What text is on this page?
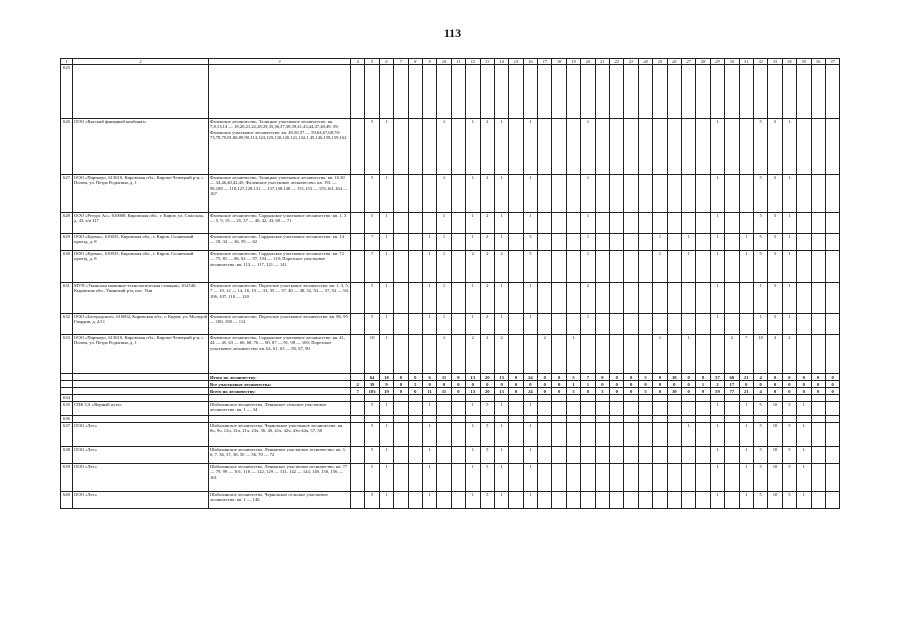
113
1	2	3	4	5	6	7	8	9	10	11	12	13	14	15	16	17	18	19	20	21	22	23	24	25	26	27	28	29	30	31	32	33	34	35	36	37
625																																				
626	ООО «Вятский фанерный комбинат»	Фаленское лесничество, Талицкое участковое лесничество: кв. 7,8,13,14 — 18,20,21,22,28,29,35,36,37,38,39,41,43,44,47,48,49, 59; Фаленское участковое лесничество: кв. 49,50,57 — 59,64,67,68,70- 73,78,79,81,86,89,90,114,124,129,130,140,141,142,1 45,146,158,159,162		5	1				1		1	2	1		1				1									1			5	5	1			
627	ООО «Партнер», 613010, Кировская обл., Кирово-Чепецкий р-н, с. Полом, ул. Петра Родыгина, д. 1	Фаленское лесничество, Талицкое участковое лесничество: кв. 16,30 — 34,46,40,42,45; Фаленское участковое лесничество: кв. 191 — 98,108 — 110,127,128,131 — 137,138,148 — 151,153 — 155,161,164 — 167		5	1				1		1	2	1		1				1									1			5	5	1			
628	ООО «Ресурс Ас», 610008, Кировская обл., г. Киров, ул. Спасская, д. 43, а/я 117	Фаленское лесничество, Сардыкское участковое лесничество: кв. 1, 3 — 5, 9, 19 — 25, 37 — 40, 42, 43, 69 — 71		5	1				1		1	2	1		1				1									1			5	5	1			
629	ООО «Кромо», 610035, Кировская обл., г. Киров, Солнечный проезд, д. 8	Фаленское лесничество, Сардыкское участковое лесничество: кв. 14 — 18, 32 — 36, 59 — 62		7	1			1	1		1	2	1		5				1					1		1		1		1	5	5	1			
630	ООО «Кромо», 610035, Кировская обл., г. Киров, Солнечный проезд, д. 8	Фаленское лесничество, Сардыкское участковое лесничество: кв. 72 — 75, 81 — 86, 92 — 97, 104 — 110; Порезское участковое лесничество: кв. 113 — 117, 121 — 141		7	1			1	1		2	2	2		5				1					1		1		1		1	5	5	1			
631	МУП «Унинская машинно-технологическая станция», 612540, Кировская обл., Унинский р-н, пос. Уни	Фаленское лесничество, Порезское участковое лесничество: кв. 1, 3, 5, 7 — 10, 12 — 14, 16, 19 — 33, 35 — 37, 40 — 48, 52, 54 — 57, 52 — 94, 106, 107, 118 — 120		5	1			1	1		1	2	1		1				2									1			1	5	1			
632	ООО «Богородское», 610002, Кировская обл., г. Киров, ул. Молодой Гвардии, д. 4/11	Фаленское лесничество, Порезское участковое лесничество: кв. 86, 95 — 100, 108 — 112		5	1			1	1		1	2	1		1				1									1			1	5	1			
633	ООО «Партнер», 613010, Кировская обл., Кирово-Чепецкий р-н, с. Полом, ул. Петра Родыгина, д. 1	Фаленское лесничество, Сардыкское участковое лесничество: кв. 41, 44 — 45, 63 — 66, 68, 76 — 80, 87 — 91, 98 — 100; Порезское участковое лесничество: кв. 62, 61, 63 — 85, 87, 90		10	1				1		2	2	2			2		1						1		1			2	7	10	3	2			
		Итого по лесничеству:		64	10	0	0	6	11	0	13	20	13	0	24	0	0	5	7	0	0	0	5	0	10	0	8	57	60	21	4	0	0	0	0	0
		Все участковые лесничества:	2	39	9	0	5	0	0	0	0	0	0	0	0	0	0	1	1	0	0	0	0	0	0	0	1	2	17	0	0	0	0	0	0	0
		Всего по лесничеству:	7	103	19	0	0	11	11	0	13	20	13	0	24	0	0	5	8	3	0	0	5	0	10	0	9	59	77	21	4	0	0	0	0	0
634																																				
635	СПК СА «Верный путь»	Шабалинское лесничество, Ленинское сельское участковое лесничество: кв. 1 — 34		5	1			1			1	5	1		1													1		1	5	10	5	1		
636																																				
637	ООО «Лес»	Шабалинское лесничество, Черновское участковое лесничество: кв. 8ч, 9ч, 12ч, 12ч, 21ч, 23ч, 36, 40, 41ч, 42ч, 43ч-44ч, 57, 58		5	1			1			1	5	1		1											1		1		1	5	10	5	1		
638	ООО «Лес»	Шабалинское лесничество, Ленинское участковое лесничество: кв. 1, 6, 7, 36, 37, 38, 50 — 56, 70 — 72		5	1			1			1	5	1		1													1		1	5	10	5	1		
639	ООО «Лес»	Шабалинское лесничество, Ленинское участковое лесничество: кв. 77 — 79, 99 — 101, 118 — 122, 129 — 131, 142 — 144, 149, 150, 156 — 161		5	1			1			1	5	1		1													1		1	5	10	5	1		
640	ООО «Лес»	Шабалинское лесничество, Черновское сельское участковое лесничество: кв. 1 — 146		5	1			1			1	5	1		1													1		1	5	10	5	1		
